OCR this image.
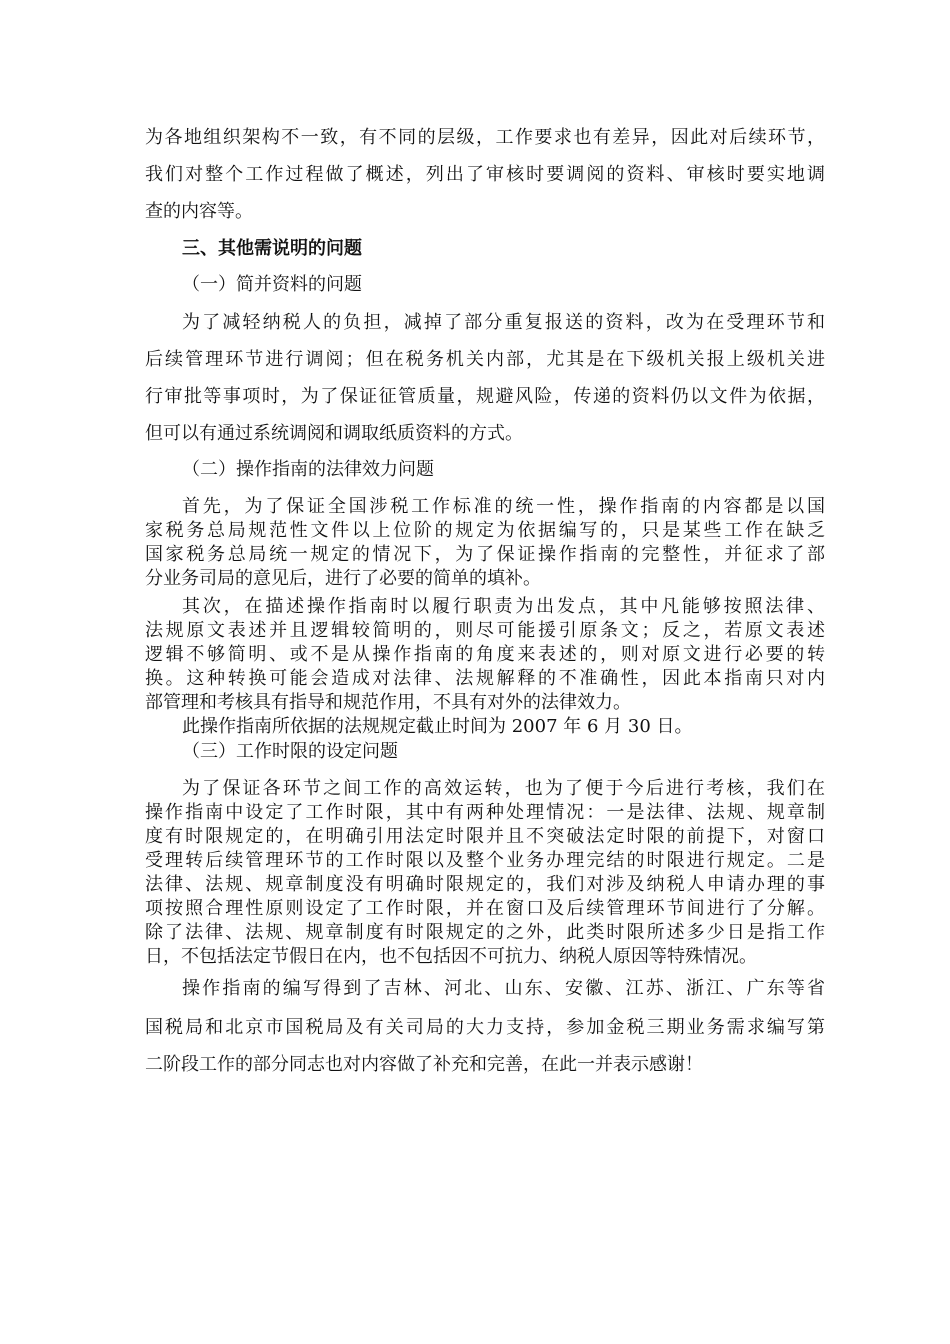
为各地组织架构不一致，有不同的层级，工作要求也有差异，因此对后续环节，
我们对整个工作过程做了概述，列出了审核时要调阅的资料、审核时要实地调
查的内容等。
三、其他需说明的问题
（一）简并资料的问题
为了减轻纳税人的负担，减掉了部分重复报送的资料，改为在受理环节和
后续管理环节进行调阅；但在税务机关内部，尤其是在下级机关报上级机关进
行审批等事项时，为了保证征管质量，规避风险，传递的资料仍以文件为依据，
但可以有通过系统调阅和调取纸质资料的方式。
（二）操作指南的法律效力问题
首先，为了保证全国涉税工作标准的统一性，操作指南的内容都是以国
家税务总局规范性文件以上位阶的规定为依据编写的，只是某些工作在缺乏
国家税务总局统一规定的情况下，为了保证操作指南的完整性，并征求了部
分业务司局的意见后，进行了必要的简单的填补。
其次，在描述操作指南时以履行职责为出发点，其中凡能够按照法律、
法规原文表述并且逻辑较简明的，则尽可能援引原条文；反之，若原文表述
逻辑不够简明、或不是从操作指南的角度来表述的，则对原文进行必要的转
换。这种转换可能会造成对法律、法规解释的不准确性，因此本指南只对内
部管理和考核具有指导和规范作用，不具有对外的法律效力。
此操作指南所依据的法规规定截止时间为 2007 年 6 月 30 日。
（三）工作时限的设定问题
为了保证各环节之间工作的高效运转，也为了便于今后进行考核，我们在
操作指南中设定了工作时限，其中有两种处理情况：一是法律、法规、规章制
度有时限规定的，在明确引用法定时限并且不突破法定时限的前提下，对窗口
受理转后续管理环节的工作时限以及整个业务办理完结的时限进行规定。二是
法律、法规、规章制度没有明确时限规定的，我们对涉及纳税人申请办理的事
项按照合理性原则设定了工作时限，并在窗口及后续管理环节间进行了分解。
除了法律、法规、规章制度有时限规定的之外，此类时限所述多少日是指工作
日，不包括法定节假日在内，也不包括因不可抗力、纳税人原因等特殊情况。
操作指南的编写得到了吉林、河北、山东、安徽、江苏、浙江、广东等省
国税局和北京市国税局及有关司局的大力支持，参加金税三期业务需求编写第
二阶段工作的部分同志也对内容做了补充和完善，在此一并表示感谢！
